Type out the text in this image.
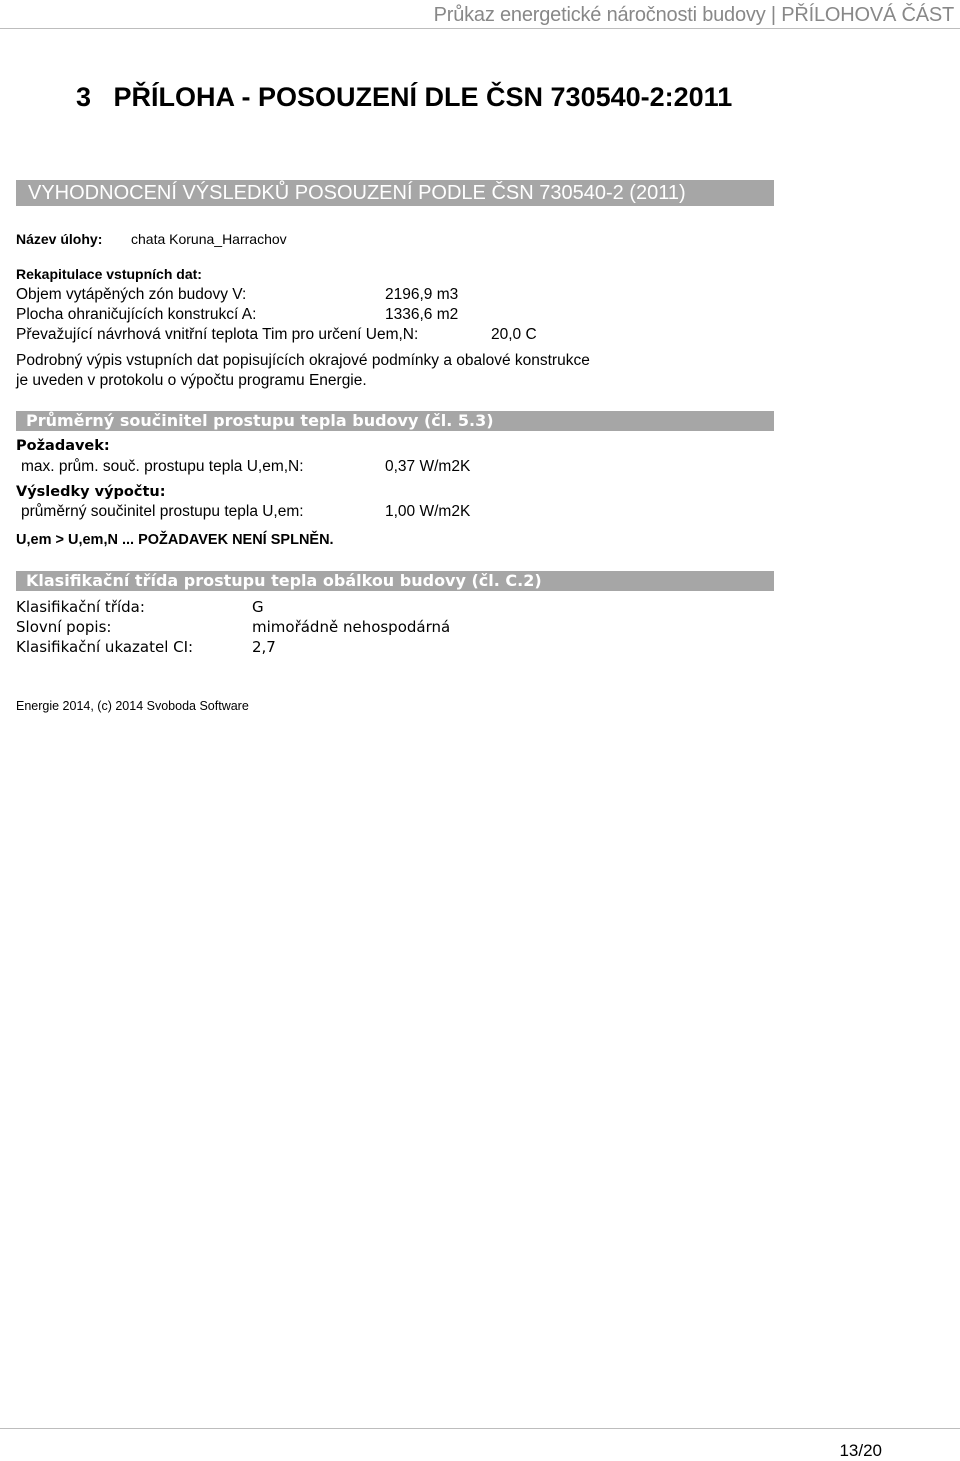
Průkaz energetické náročnosti budovy | PŘÍLOHOVÁ ČÁST
3   PŘÍLOHA - POSOUZENÍ DLE ČSN 730540-2:2011
VYHODNOCENÍ VÝSLEDKŮ POSOUZENÍ PODLE ČSN 730540-2 (2011)
Název úlohy: chata Koruna_Harrachov
Rekapitulace vstupních dat:
Objem vytápěných zón budovy V:	2196,9 m3
Plocha ohraničujících konstrukcí A:	1336,6 m2
Převažující návrhová vnitřní teplota Tim pro určení Uem,N:	20,0 C
Podrobný výpis vstupních dat popisujících okrajové podmínky a obalové konstrukce
je uveden v protokolu o výpočtu programu Energie.
Průměrný součinitel prostupu tepla budovy (čl. 5.3)
Požadavek:
max. prům. souč. prostupu tepla U,em,N:	0,37 W/m2K
Výsledky výpočtu:
průměrný součinitel prostupu tepla U,em:	1,00 W/m2K
U,em > U,em,N ... POŽADAVEK NENÍ SPLNĚN.
Klasifikační třída prostupu tepla obálkou budovy (čl. C.2)
Klasifikační třída:	G
Slovní popis:	mimořádně nehospodárná
Klasifikační ukazatel CI:	2,7
Energie 2014, (c) 2014 Svoboda Software
13/20
